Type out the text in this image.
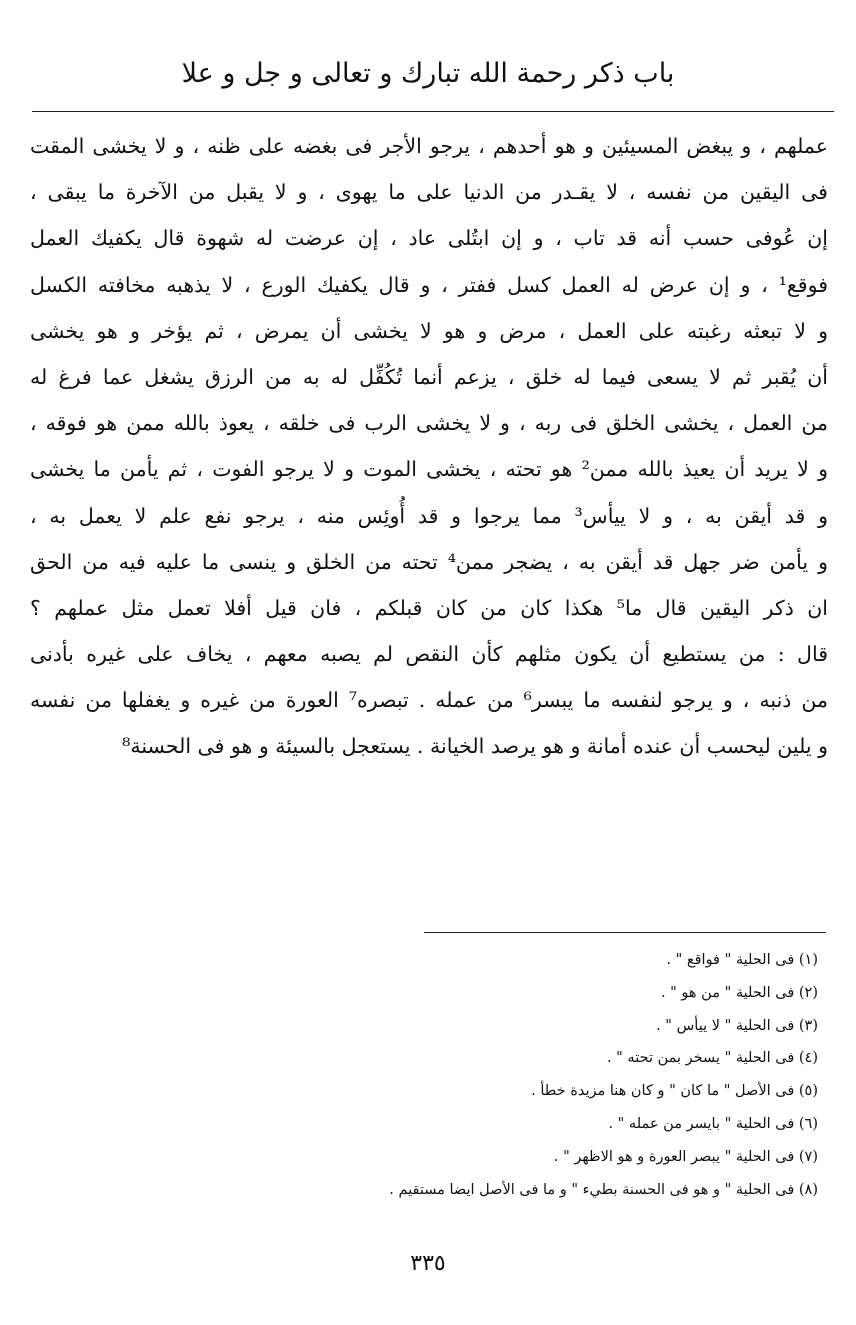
باب ذكر رحمة الله تبارك و تعالى و جل و علا
عملهم ، و يبغض المسيئين و هو أحدهم ، يرجو الأجر فى بغضه على ظنه ، و لا يخشى المقت
فى اليقين من نفسه ، لا يقـدر من الدنيا على ما يهوى ، و لا يقبل من الآخرة ما يبقى ،
إن عُوفى حسب أنه قد تاب ، و إن ابتُلى عاد ، إن عرضت له شهوة قال يكفيك العمل
فوقع¹ ، و إن عرض له العمل كسل ففتر ، و قال يكفيك الورع ، لا يذهبه مخافته الكسل
و لا تبعثه رغبته على العمل ، مرض و هو لا يخشى أن يمرض ، ثم يؤخر و هو يخشى
أن يُقبر ثم لا يسعى فيما له خلق ، يزعم أنما تُكُفِّل له به من الرزق يشغل عما فرغ له
من العمل ، يخشى الخلق فى ربه ، و لا يخشى الرب فى خلقه ، يعوذ بالله ممن هو فوقه ،
و لا يريد أن يعيذ بالله ممن² هو تحته ، يخشى الموت و لا يرجو الفوت ، ثم يأمن ما يخشى
و قد أيقن به ، و لا ييأس³ مما يرجوا و قد أُوئِس منه ، يرجو نفع علم لا يعمل به ،
و يأمن ضر جهل قد أيقن به ، يضجر ممن⁴ تحته من الخلق و ينسى ما عليه فيه من الحق
ان ذكر اليقين قال ما⁵ هكذا كان من كان قبلكم ، فان قيل أفلا تعمل مثل عملهم ؟
قال : من يستطيع أن يكون مثلهم كأن النقص لم يصبه معهم ، يخاف على غيره بأدنى
من ذنبه ، و يرجو لنفسه ما يبسر⁶ من عمله . تبصره⁷ العورة من غيره و يغفلها من نفسه
و يلين ليحسب أن عنده أمانة و هو يرصد الخيانة . يستعجل بالسيئة و هو فى الحسنة⁸
(١) فى الحلية " فواقع " .
(٢) فى الحلية " من هو " .
(٣) فى الحلية " لا ييأس " .
(٤) فى الحلية " يسخر بمن تحته " .
(٥) فى الأصل " ما كان " و كان هنا مزيدة خطأ .
(٦) فى الحلية " بايسر من عمله " .
(٧) فى الحلية " يبصر العورة و هو الاظهر " .
(٨) فى الحلية " و هو فى الحسنة بطيء " و ما فى الأصل ايضا مستقيم .
٣٣٥
